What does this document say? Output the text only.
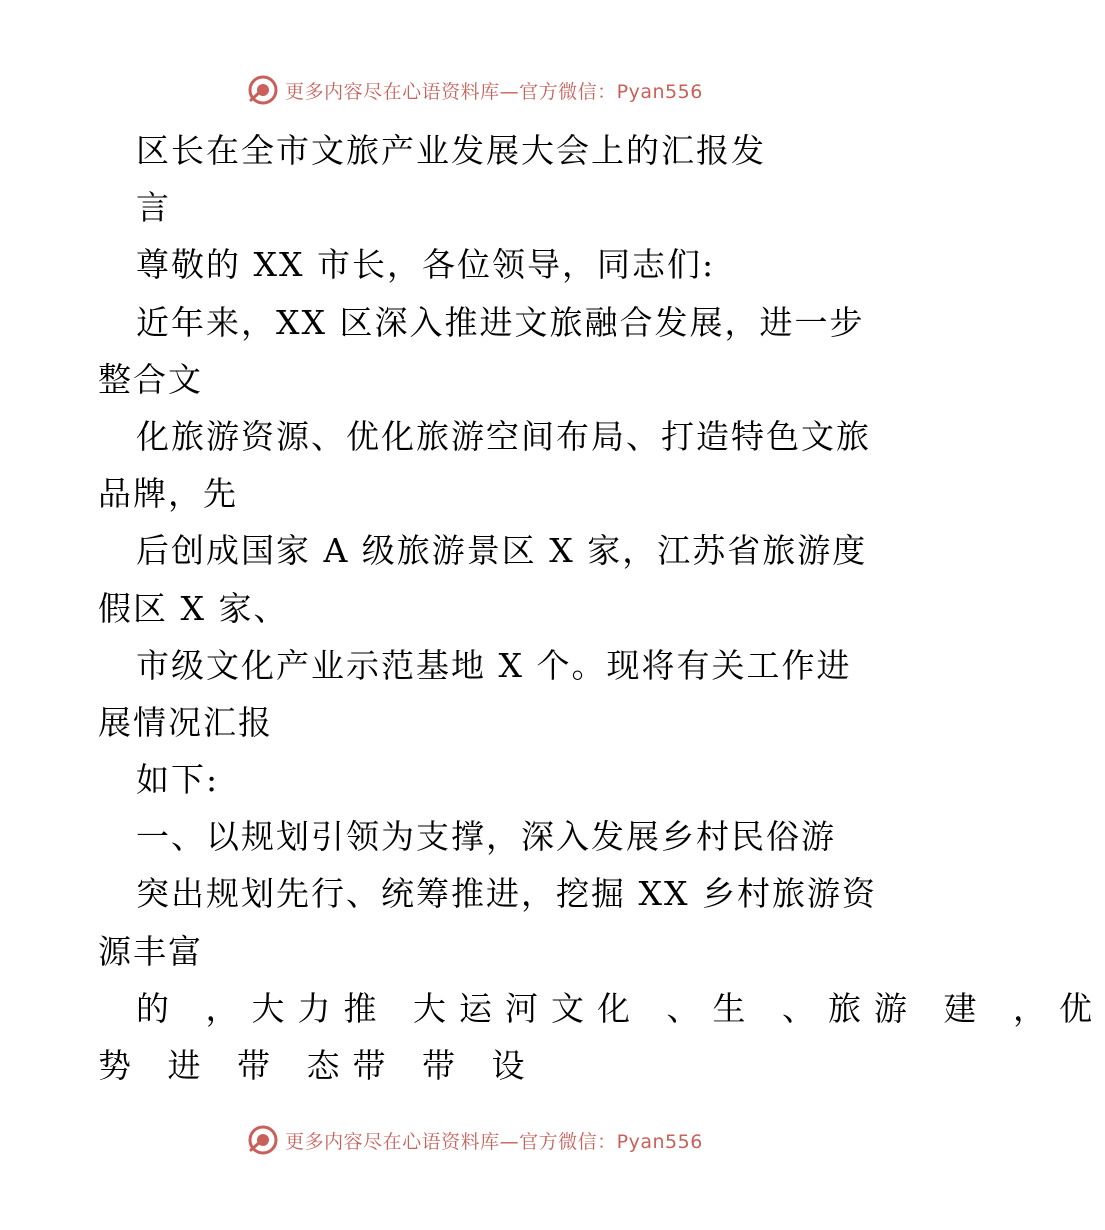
更多内容尽在心语资料库—官方微信：Pyan556
区长在全市文旅产业发展大会上的汇报发
言
尊敬的 XX 市长，各位领导，同志们:
近年来，XX 区深入推进文旅融合发展，进一步
整合文
化旅游资源、优化旅游空间布局、打造特色文旅
品牌，先
后创成国家 A 级旅游景区 X 家，江苏省旅游度
假区 X 家、
市级文化产业示范基地 X 个。现将有关工作进
展情况汇报
如下:
一、以规划引领为支撑，深入发展乡村民俗游
突出规划先行、统筹推进，挖掘 XX 乡村旅游资
源丰富
的 ，大力推 大运河文化 、生 、旅游 建 ，优
势 进 带 态带 带 设
更多内容尽在心语资料库—官方微信：Pyan556
